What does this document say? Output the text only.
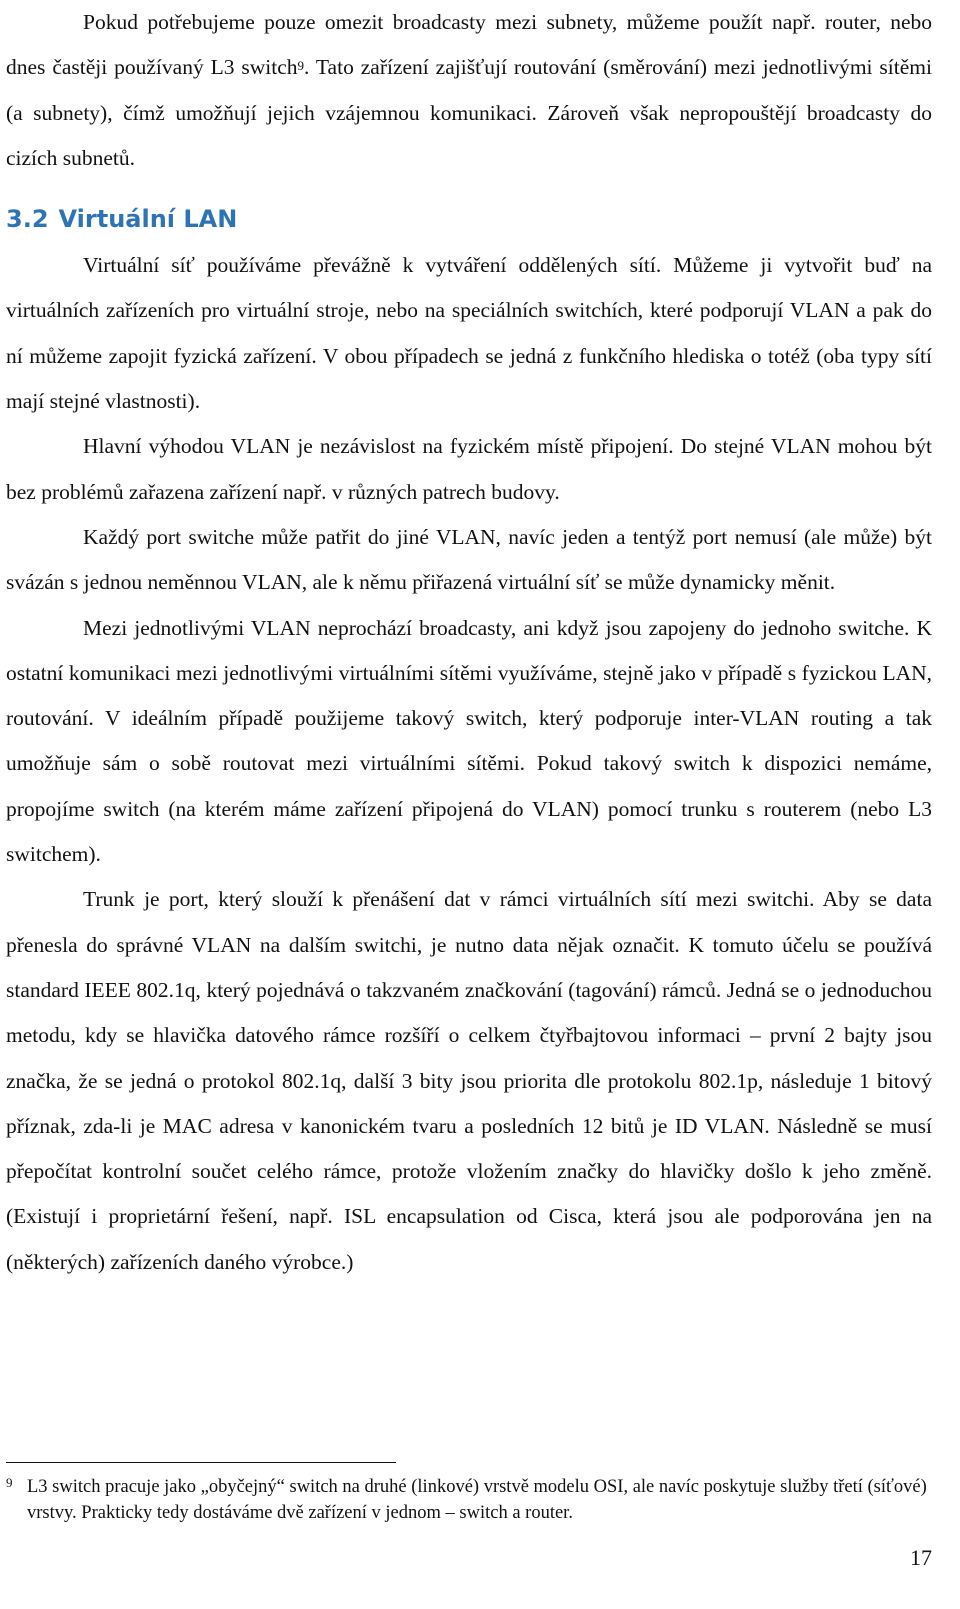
Pokud potřebujeme pouze omezit broadcasty mezi subnety, můžeme použít např. router, nebo dnes častěji používaný L3 switch$^9$. Tato zařízení zajišťují routování (směrování) mezi jednotlivými sítěmi (a subnety), čímž umožňují jejich vzájemnou komunikaci. Zároveň však nepropouštějí broadcasty do cizích subnetů.

3.2 Virtuální LAN

Virtuální síť používáme převážně k vytváření oddělených sítí. Můžeme ji vytvořit buď na virtuálních zařízeních pro virtuální stroje, nebo na speciálních switchích, které podporují VLAN a pak do ní můžeme zapojit fyzická zařízení. V obou případech se jedná z funkčního hlediska o totéž (oba typy sítí mají stejné vlastnosti).

Hlavní výhodou VLAN je nezávislost na fyzickém místě připojení. Do stejné VLAN mohou být bez problémů zařazena zařízení např. v různých patrech budovy.

Každý port switche může patřit do jiné VLAN, navíc jeden a tentýž port nemusí (ale může) být svázán s jednou neměnnou VLAN, ale k němu přiřazená virtuální síť se může dynamicky měnit.

Mezi jednotlivými VLAN neprochází broadcasty, ani když jsou zapojeny do jednoho switche. K ostatní komunikaci mezi jednotlivými virtuálními sítěmi využíváme, stejně jako v případě s fyzickou LAN, routování. V ideálním případě použijeme takový switch, který podporuje inter-VLAN routing a tak umožňuje sám o sobě routovat mezi virtuálními sítěmi. Pokud takový switch k dispozici nemáme, propojíme switch (na kterém máme zařízení připojená do VLAN) pomocí trunku s routerem (nebo L3 switchem).

Trunk je port, který slouží k přenášení dat v rámci virtuálních sítí mezi switchi. Aby se data přenesla do správné VLAN na dalším switchi, je nutno data nějak označit. K tomuto účelu se používá standard IEEE 802.1q, který pojednává o takzvaném značkování (tagování) rámců. Jedná se o jednoduchou metodu, kdy se hlavička datového rámce rozšíří o celkem čtyřbajtovou informaci – první 2 bajty jsou značka, že se jedná o protokol 802.1q, další 3 bity jsou priorita dle protokolu 802.1p, následuje 1 bitový příznak, zda-li je MAC adresa v kanonickém tvaru a posledních 12 bitů je ID VLAN. Následně se musí přepočítat kontrolní součet celého rámce, protože vložením značky do hlavičky došlo k jeho změně. (Existují i proprietární řešení, např. ISL encapsulation od Cisca, která jsou ale podporována jen na (některých) zařízeních daného výrobce.)

9 L3 switch pracuje jako „obyčejný“ switch na druhé (linkové) vrstvě modelu OSI, ale navíc poskytuje služby třetí (síťové) vrstvy. Prakticky tedy dostáváme dvě zařízení v jednom – switch a router.
17
